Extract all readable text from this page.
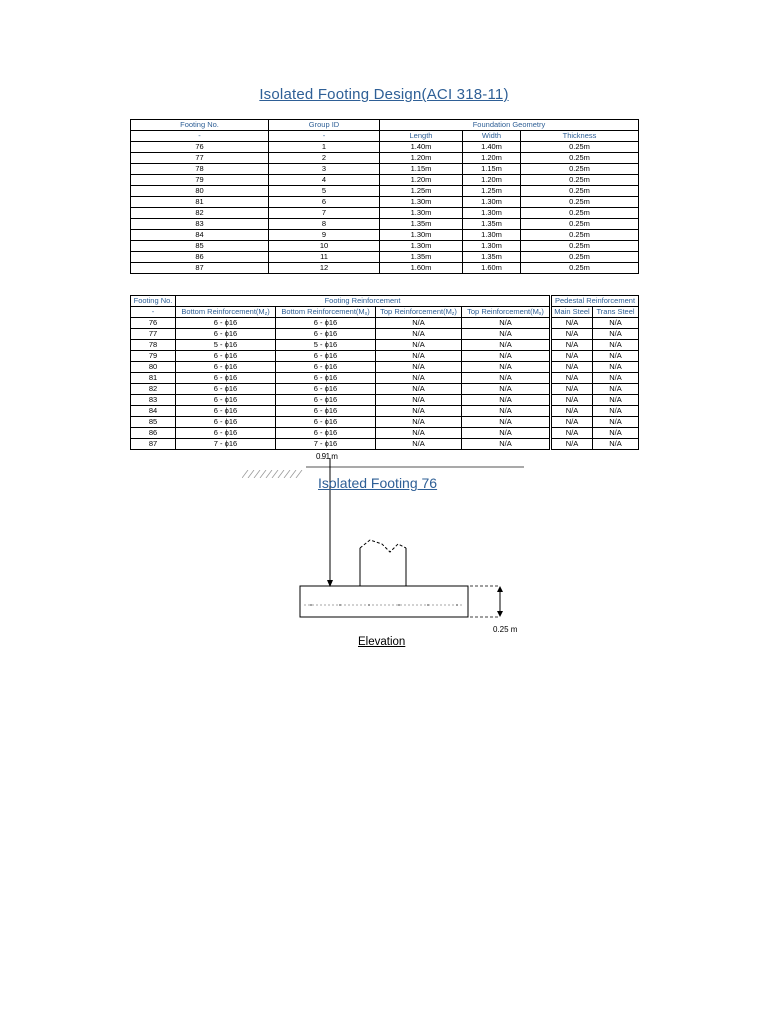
Isolated Footing Design(ACI 318-11)
Footing No.	Group ID	Foundation Geometry		
-	-	Length	Width	Thickness
76	1	1.40m	1.40m	0.25m
77	2	1.20m	1.20m	0.25m
78	3	1.15m	1.15m	0.25m
79	4	1.20m	1.20m	0.25m
80	5	1.25m	1.25m	0.25m
81	6	1.30m	1.30m	0.25m
82	7	1.30m	1.30m	0.25m
83	8	1.35m	1.35m	0.25m
84	9	1.30m	1.30m	0.25m
85	10	1.30m	1.30m	0.25m
86	11	1.35m	1.35m	0.25m
87	12	1.60m	1.60m	0.25m
Footing No.	Footing Reinforcement					Pedestal Reinforcement	
-	Bottom $Reinforcement(M_z)$	Bottom $Reinforcement(M_x)$	Top $Reinforcement(M_z)$	Top $Reinforcement(M_x)$		Main Steel	Trans Steel
76	6 - ϕ16	6 - ϕ16	N/A	N/A		N/A	N/A
77	6 - ϕ16	6 - ϕ16	N/A	N/A		N/A	N/A
78	5 - ϕ16	5 - ϕ16	N/A	N/A		N/A	N/A
79	6 - ϕ16	6 - ϕ16	N/A	N/A		N/A	N/A
80	6 - ϕ16	6 - ϕ16	N/A	N/A		N/A	N/A
81	6 - ϕ16	6 - ϕ16	N/A	N/A		N/A	N/A
82	6 - ϕ16	6 - ϕ16	N/A	N/A		N/A	N/A
83	6 - ϕ16	6 - ϕ16	N/A	N/A		N/A	N/A
84	6 - ϕ16	6 - ϕ16	N/A	N/A		N/A	N/A
85	6 - ϕ16	6 - ϕ16	N/A	N/A		N/A	N/A
86	6 - ϕ16	6 - ϕ16	N/A	N/A		N/A	N/A
87	7 - ϕ16	7 - ϕ16	N/A	N/A		N/A	N/A
0.91 m
Isolated Footing 76
0.25 m
Elevation
